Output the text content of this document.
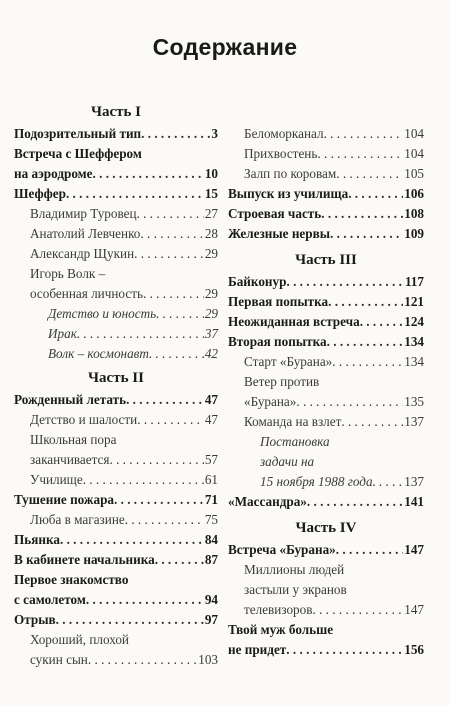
Содержание
Часть I
Подозрительный тип . . .	3
Встреча с Шеффером
на аэродроме . . .	10
Шеффер . . .	15
Владимир Туровец . . .	27
Анатолий Левченко . . .	28
Александр Щукин . . .	29
Игорь Волк –
особенная личность . . .	29
Детство и юность . . .	29
Ирак . . .	37
Волк – космонавт . . .	42
Часть II
Рожденный летать . . .	47
Детство и шалости . . .	47
Школьная пора
заканчивается . . .	57
Училище . . .	61
Тушение пожара . . .	71
Люба в магазине . . .	75
Пьянка . . .	84
В кабинете начальника . . .	87
Первое знакомство
с самолетом . . .	94
Отрыв . . .	97
Хороший, плохой
сукин сын . . .	103
Беломорканал . . .	104
Прихвостень . . .	104
Залп по коровам . . .	105
Выпуск из училища . . .	106
Строевая часть . . .	108
Железные нервы . . .	109
Часть III
Байконур . . .	117
Первая попытка . . .	121
Неожиданная встреча . . .	124
Вторая попытка . . .	134
Старт «Бурана» . . .	134
Ветер против
«Бурана» . . .	135
Команда на взлет . . .	137
Постановка
задачи на
15 ноября 1988 года . . . 137
«Массандра» . . .	141
Часть IV
Встреча «Бурана» . . .	147
Миллионы людей
застыли у экранов
телевизоров . . .	147
Твой муж больше
не придет . . .	156
